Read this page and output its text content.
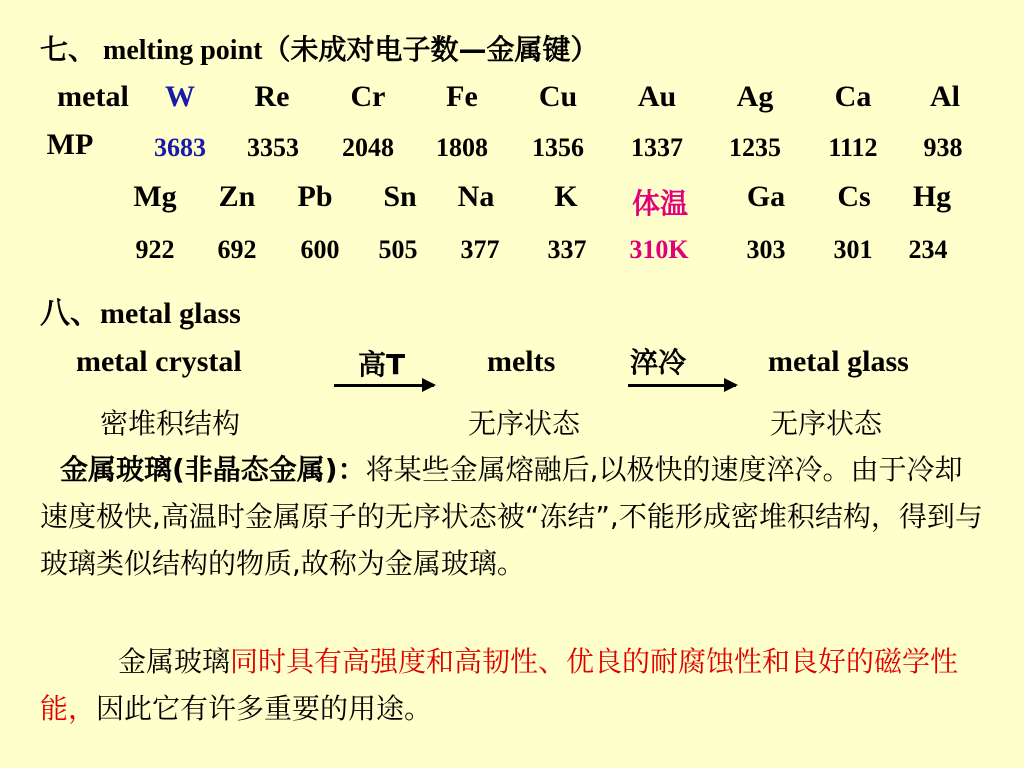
七、 melting point（未成对电子数—金属键）
metal W Re Cr Fe Cu Au Ag Ca Al
MP 3683 3353 2048 1808 1356 1337 1235 1112 938
Mg Zn Pb Sn Na K 体温 Ga Cs Hg
922 692 600 505 377 337 310K 303 301 234
八、metal glass
metal crystal	高T	melts	淬冷	metal glass
密堆积结构	无序状态	无序状态
金属玻璃(非晶态金属)：将某些金属熔融后,以极快的速度淬冷。由于冷却速度极快,高温时金属原子的无序状态被“冻结”,不能形成密堆积结构，得到与玻璃类似结构的物质,故称为金属玻璃。
金属玻璃同时具有高强度和高韧性、优良的耐腐蚀性和良好的磁学性能，因此它有许多重要的用途。
